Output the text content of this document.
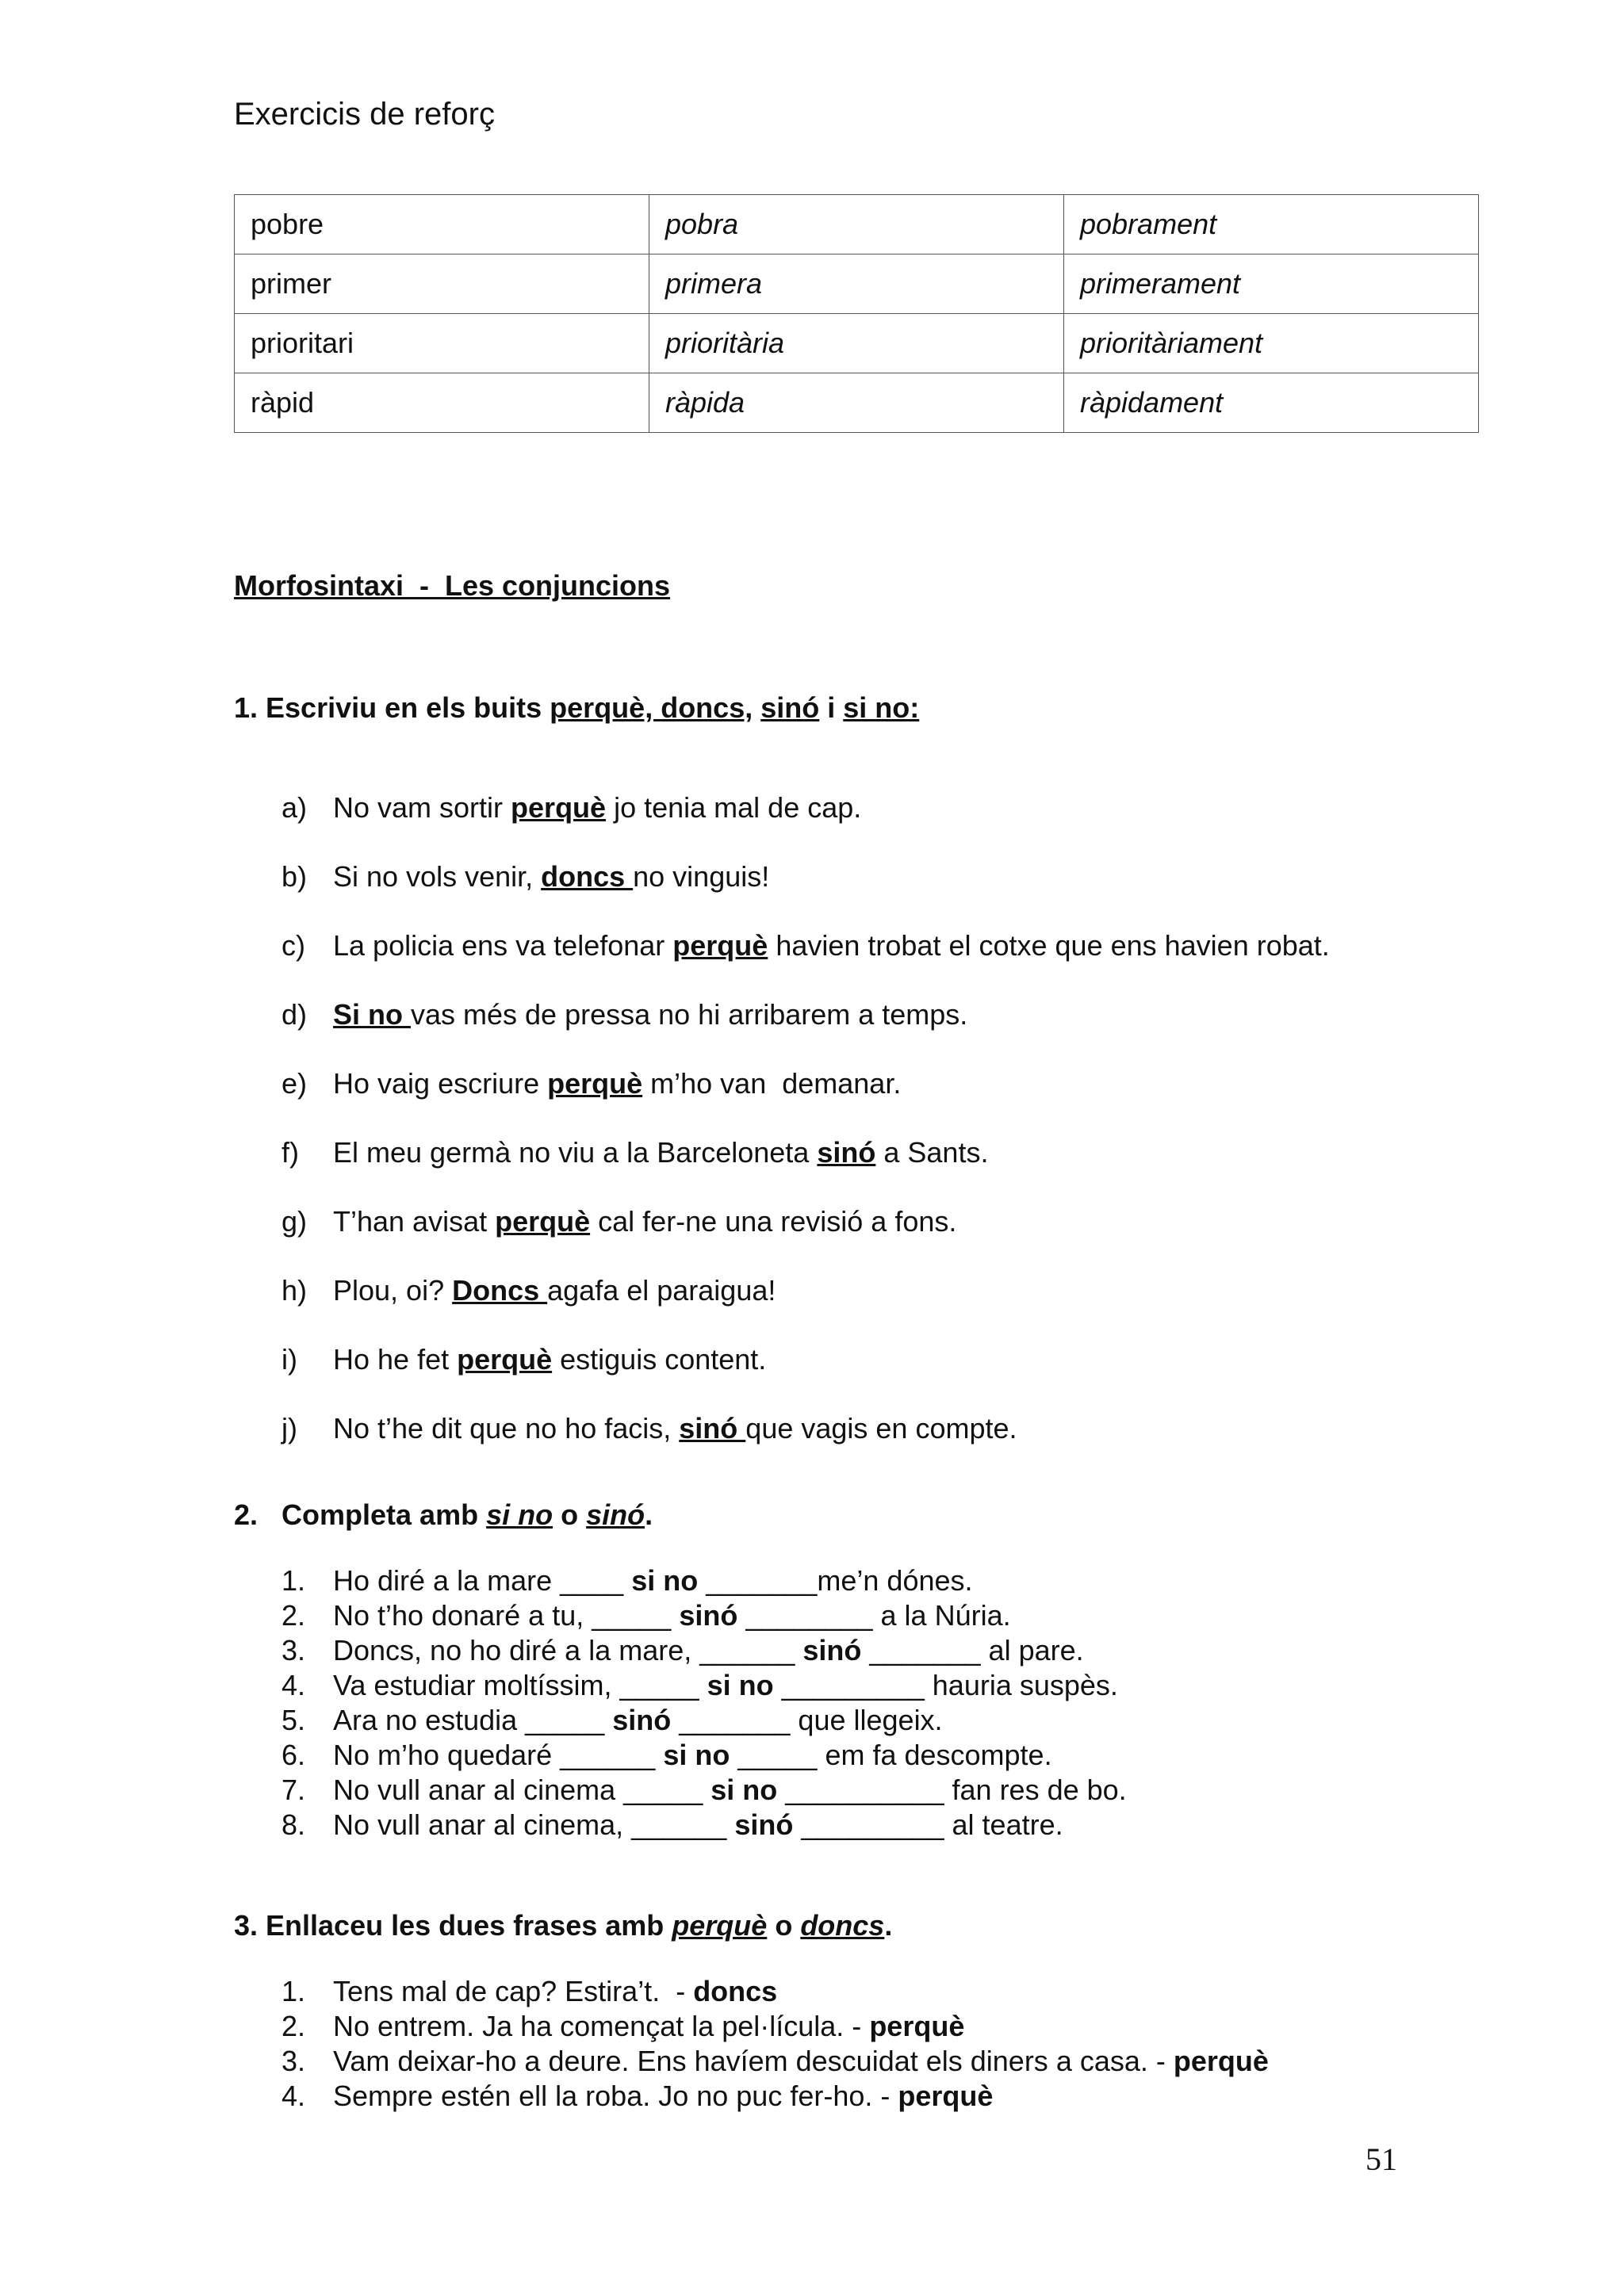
Exercicis de reforç
pobre	pobra	pobrament
primer	primera	primerament
prioritari	prioritària	prioritàriament
ràpid	ràpida	ràpidament
Morfosintaxi  -  Les conjuncions
1. Escriviu en els buits perquè, doncs, sinó i si no:
a) No vam sortir perquè jo tenia mal de cap.
b) Si no vols venir, doncs no vinguis!
c) La policia ens va telefonar perquè havien trobat el cotxe que ens havien robat.
d) Si no vas més de pressa no hi arribarem a temps.
e) Ho vaig escriure perquè m’ho van  demanar.
f) El meu germà no viu a la Barceloneta sinó a Sants.
g) T’han avisat perquè cal fer-ne una revisió a fons.
h) Plou, oi? Doncs agafa el paraigua!
i) Ho he fet perquè estiguis content.
j) No t’he dit que no ho facis, sinó que vagis en compte.
2.   Completa amb si no o sinó.
1. Ho diré a la mare ____ si no _______me’n dónes.
2. No t’ho donaré a tu, _____ sinó ________ a la Núria.
3. Doncs, no ho diré a la mare, ______ sinó _______ al pare.
4. Va estudiar moltíssim, _____ si no _________ hauria suspès.
5. Ara no estudia _____ sinó _______ que llegeix.
6. No m’ho quedaré ______ si no _____ em fa descompte.
7. No vull anar al cinema _____ si no __________ fan res de bo.
8. No vull anar al cinema, ______ sinó _________ al teatre.
3. Enllaceu les dues frases amb perquè o doncs.
1. Tens mal de cap? Estira’t.  - doncs
2. No entrem. Ja ha començat la pel·lícula. - perquè
3. Vam deixar-ho a deure. Ens havíem descuidat els diners a casa. - perquè
4. Sempre estén ell la roba. Jo no puc fer-ho. - perquè
51
